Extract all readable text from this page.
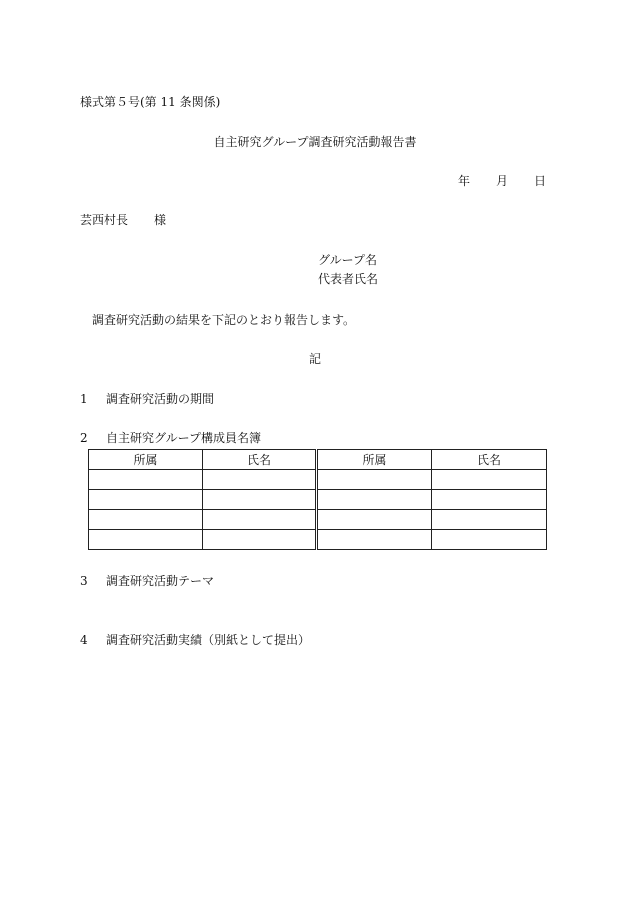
様式第５号(第 11 条関係)
自主研究グループ調査研究活動報告書
年 月 日
芸西村長 様
グループ名
代表者氏名
調査研究活動の結果を下記のとおり報告します。
記
1 調査研究活動の期間
2 自主研究グループ構成員名簿
所属	氏名	所属	氏名

3 調査研究活動テーマ
4 調査研究活動実績（別紙として提出）
